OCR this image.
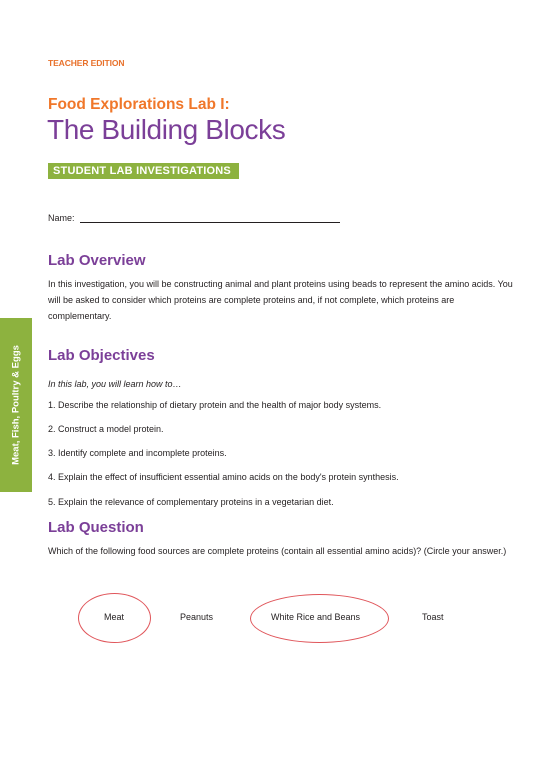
TEACHER EDITION
Food Explorations Lab I:
The Building Blocks
STUDENT LAB INVESTIGATIONS
Name:
Meat, Fish, Poultry & Eggs
Lab Overview
In this investigation, you will be constructing animal and plant proteins using beads to represent the amino acids. You will be asked to consider which proteins are complete proteins and, if not complete, which proteins are complementary.
Lab Objectives
In this lab, you will learn how to…
1. Describe the relationship of dietary protein and the health of major body systems.
2. Construct a model protein.
3. Identify complete and incomplete proteins.
4. Explain the effect of insufficient essential amino acids on the body's protein synthesis.
5. Explain the relevance of complementary proteins in a vegetarian diet.
Lab Question
Which of the following food sources are complete proteins (contain all essential amino acids)? (Circle your answer.)
Meat	Peanuts	White Rice and Beans	Toast
